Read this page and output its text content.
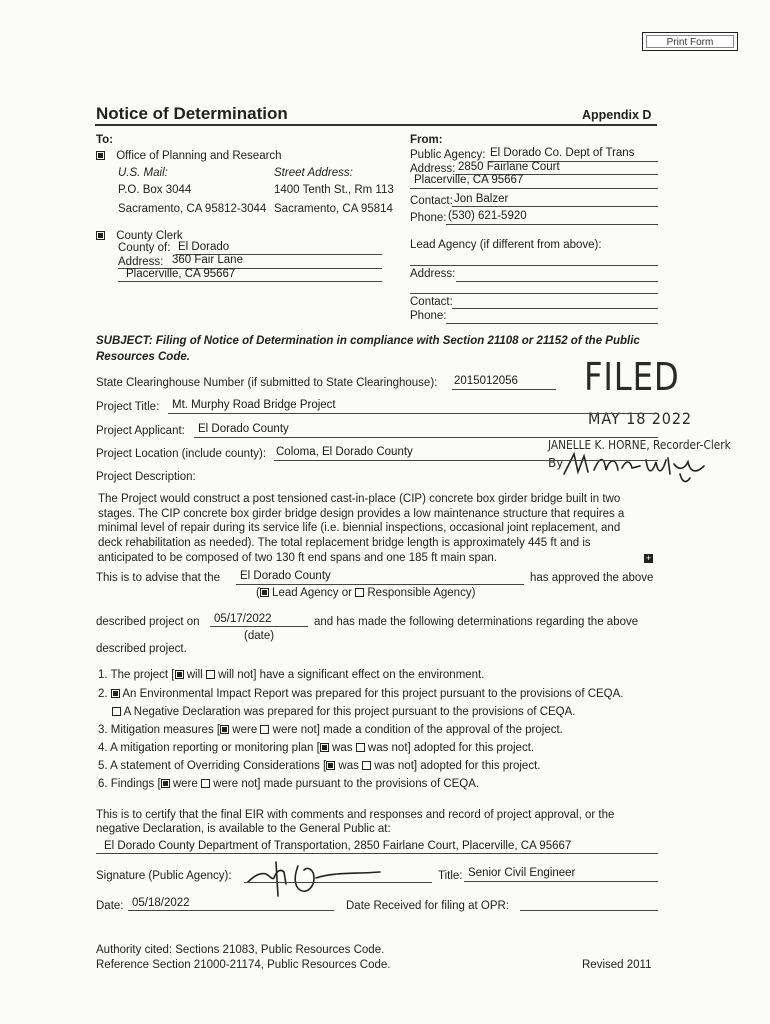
Print Form
Notice of Determination	Appendix D
To:
Office of Planning and Research
U.S. Mail:	Street Address:
P.O. Box 3044	1400 Tenth St., Rm 113
Sacramento, CA 95812-3044 Sacramento, CA 95814
County Clerk
County of: El Dorado
Address: 360 Fair Lane
Placerville, CA 95667
From:
Public Agency: El Dorado Co. Dept of Trans
Address: 2850 Fairlane Court
Placerville, CA 95667
Contact: Jon Balzer
Phone: (530) 621-5920
Lead Agency (if different from above):
Address:
Contact:
Phone:
SUBJECT: Filing of Notice of Determination in compliance with Section 21108 or 21152 of the Public Resources Code.	FILED
MAY 18 2022
JANELLE K. HORNE, Recorder-Clerk
By
State Clearinghouse Number (if submitted to State Clearinghouse): 2015012056
Project Title: Mt. Murphy Road Bridge Project
Project Applicant: El Dorado County
Project Location (include county): Coloma, El Dorado County
Project Description:
The Project would construct a post tensioned cast-in-place (CIP) concrete box girder bridge built in two
stages. The CIP concrete box girder bridge design provides a low maintenance structure that requires a
minimal level of repair during its service life (i.e. biennial inspections, occasional joint replacement, and
deck rehabilitation as needed). The total replacement bridge length is approximately 445 ft and is
anticipated to be composed of two 130 ft end spans and one 185 ft main span.	+
This is to advise that the El Dorado County	has approved the above
( Lead Agency or Responsible Agency)
described project on 05/17/2022	and has made the following determinations regarding the above
(date)
described project.
1. The project [ will will not] have a significant effect on the environment.
2. An Environmental Impact Report was prepared for this project pursuant to the provisions of CEQA.
A Negative Declaration was prepared for this project pursuant to the provisions of CEQA.
3. Mitigation measures [ were were not] made a condition of the approval of the project.
4. A mitigation reporting or monitoring plan [ was was not] adopted for this project.
5. A statement of Overriding Considerations [ was was not] adopted for this project.
6. Findings [ were were not] made pursuant to the provisions of CEQA.
This is to certify that the final EIR with comments and responses and record of project approval, or the
negative Declaration, is available to the General Public at:
El Dorado County Department of Transportation, 2850 Fairlane Court, Placerville, CA 95667
Signature (Public Agency):	Title: Senior Civil Engineer
Date: 05/18/2022	Date Received for filing at OPR:
Authority cited: Sections 21083, Public Resources Code.
Reference Section 21000-21174, Public Resources Code.	Revised 2011
